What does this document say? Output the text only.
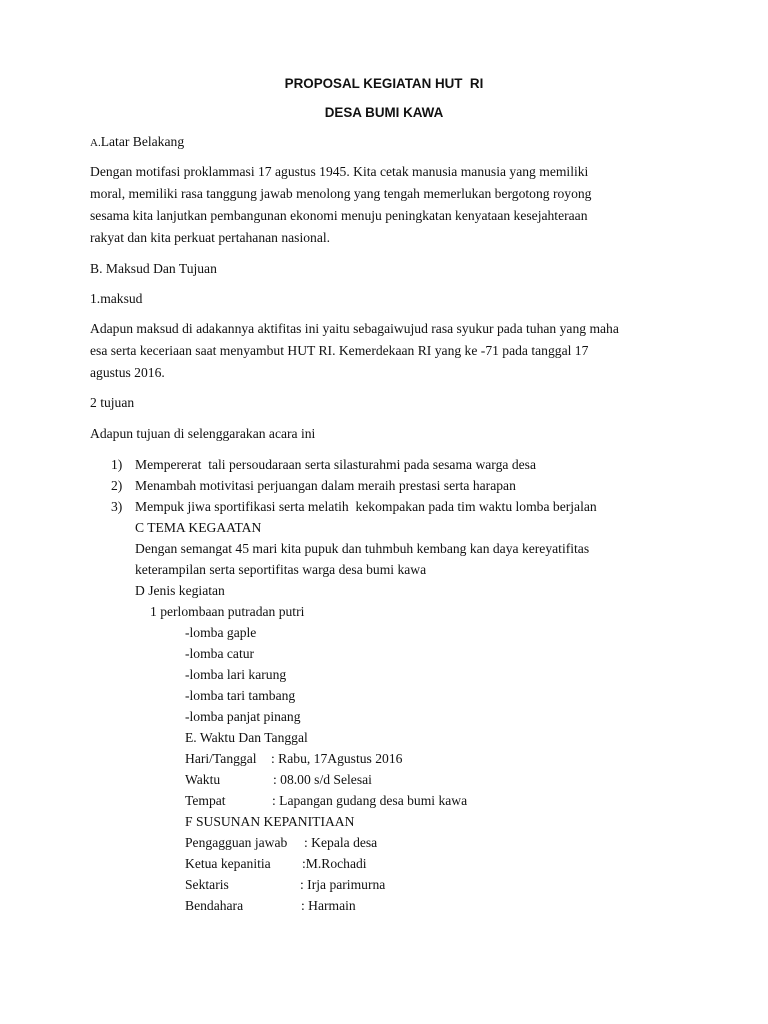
PROPOSAL KEGIATAN HUT  RI
DESA BUMI KAWA
A.Latar Belakang
Dengan motifasi proklammasi 17 agustus 1945. Kita cetak manusia manusia yang memiliki
moral, memiliki rasa tanggung jawab menolong yang tengah memerlukan bergotong royong
sesama kita lanjutkan pembangunan ekonomi menuju peningkatan kenyataan kesejahteraan
rakyat dan kita perkuat pertahanan nasional.
B. Maksud Dan Tujuan
1.maksud
Adapun maksud di adakannya aktifitas ini yaitu sebagaiwujud rasa syukur pada tuhan yang maha
esa serta keceriaan saat menyambut HUT RI. Kemerdekaan RI yang ke -71 pada tanggal 17
agustus 2016.
2 tujuan
Adapun tujuan di selenggarakan acara ini
1) Mempererat  tali persoudaraan serta silasturahmi pada sesama warga desa
2) Menambah motivitasi perjuangan dalam meraih prestasi serta harapan
3) Mempuk jiwa sportifikasi serta melatih  kekompakan pada tim waktu lomba berjalan
C TEMA KEGAATAN
Dengan semangat 45 mari kita pupuk dan tuhmbuh kembang kan daya kereyatifitas
keterampilan serta seportifitas warga desa bumi kawa
D Jenis kegiatan
1 perlombaan putradan putri
-lomba gaple
-lomba catur
-lomba lari karung
-lomba tari tambang
-lomba panjat pinang
E. Waktu Dan Tanggal
Hari/Tanggal : Rabu, 17Agustus 2016
Waktu	: 08.00 s/d Selesai
Tempat	: Lapangan gudang desa bumi kawa
F SUSUNAN KEPANITIAAN
Pengagguan jawab : Kepala desa
Ketua kepanitia :M.Rochadi
Sektaris	: Irja parimurna
Bendahara	: Harmain
